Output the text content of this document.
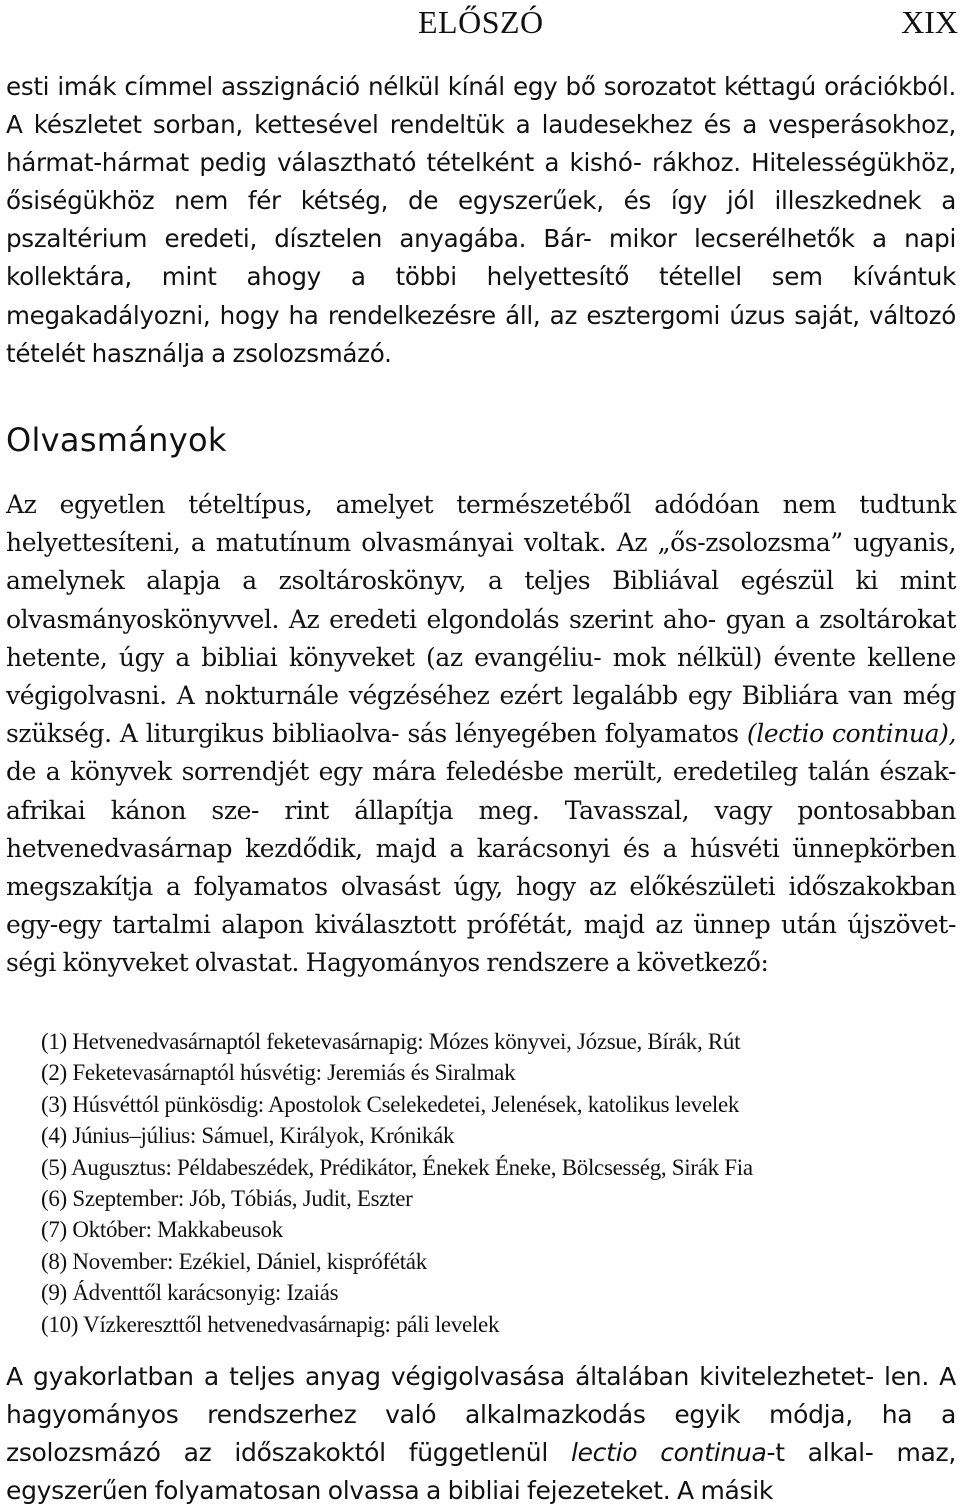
ELŐSZÓ	XIX

esti imák címmel asszignáció nélkül kínál egy bő sorozatot kéttagú orációkból. A készletet sorban, kettesével rendeltük a laudesekhez és a vesperásokhoz, hármat-hármat pedig választható tételként a kishó- rákhoz. Hitelességükhöz, ősiségükhöz nem fér kétség, de egyszerűek, és így jól illeszkednek a pszaltérium eredeti, dísztelen anyagába. Bár- mikor lecserélhetők a napi kollektára, mint ahogy a többi helyettesítő tétellel sem kívántuk megakadályozni, hogy ha rendelkezésre áll, az esztergomi úzus saját, változó tételét használja a zsolozsmázó.

Olvasmányok

Az egyetlen tételtípus, amelyet természetéből adódóan nem tudtunk helyettesíteni, a matutínum olvasmányai voltak. Az „ős-zsolozsma” ugyanis, amelynek alapja a zsoltároskönyv, a teljes Bibliával egészül ki mint olvasmányoskönyvvel. Az eredeti elgondolás szerint aho- gyan a zsoltárokat hetente, úgy a bibliai könyveket (az evangéliu- mok nélkül) évente kellene végigolvasni. A nokturnále végzéséhez ezért legalább egy Bibliára van még szükség. A liturgikus bibliaolva- sás lényegében folyamatos (lectio continua), de a könyvek sorrendjét egy mára feledésbe merült, eredetileg talán észak-afrikai kánon sze- rint állapítja meg. Tavasszal, vagy pontosabban hetvenedvasárnap kezdődik, majd a karácsonyi és a húsvéti ünnepkörben megszakítja a folyamatos olvasást úgy, hogy az előkészületi időszakokban egy-egy tartalmi alapon kiválasztott prófétát, majd az ünnep után újszövet- ségi könyveket olvastat. Hagyományos rendszere a következő:

(1) Hetvenedvasárnaptól feketevasárnapig: Mózes könyvei, Józsue, Bírák, Rút
(2) Feketevasárnaptól húsvétig: Jeremiás és Siralmak
(3) Húsvéttól pünkösdig: Apostolok Cselekedetei, Jelenések, katolikus levelek
(4) Június–július: Sámuel, Királyok, Krónikák
(5) Augusztus: Példabeszédek, Prédikátor, Énekek Éneke, Bölcsesség, Sirák Fia
(6) Szeptember: Jób, Tóbiás, Judit, Eszter
(7) Október: Makkabeusok
(8) November: Ezékiel, Dániel, kispróféták
(9) Ádventtől karácsonyig: Izaiás
(10) Vízkereszttől hetvenedvasárnapig: páli levelek

A gyakorlatban a teljes anyag végigolvasása általában kivitelezhetet- len. A hagyományos rendszerhez való alkalmazkodás egyik módja, ha a zsolozsmázó az időszakoktól függetlenül lectio continua-t alkal- maz, egyszerűen folyamatosan olvassa a bibliai fejezeteket. A másik
